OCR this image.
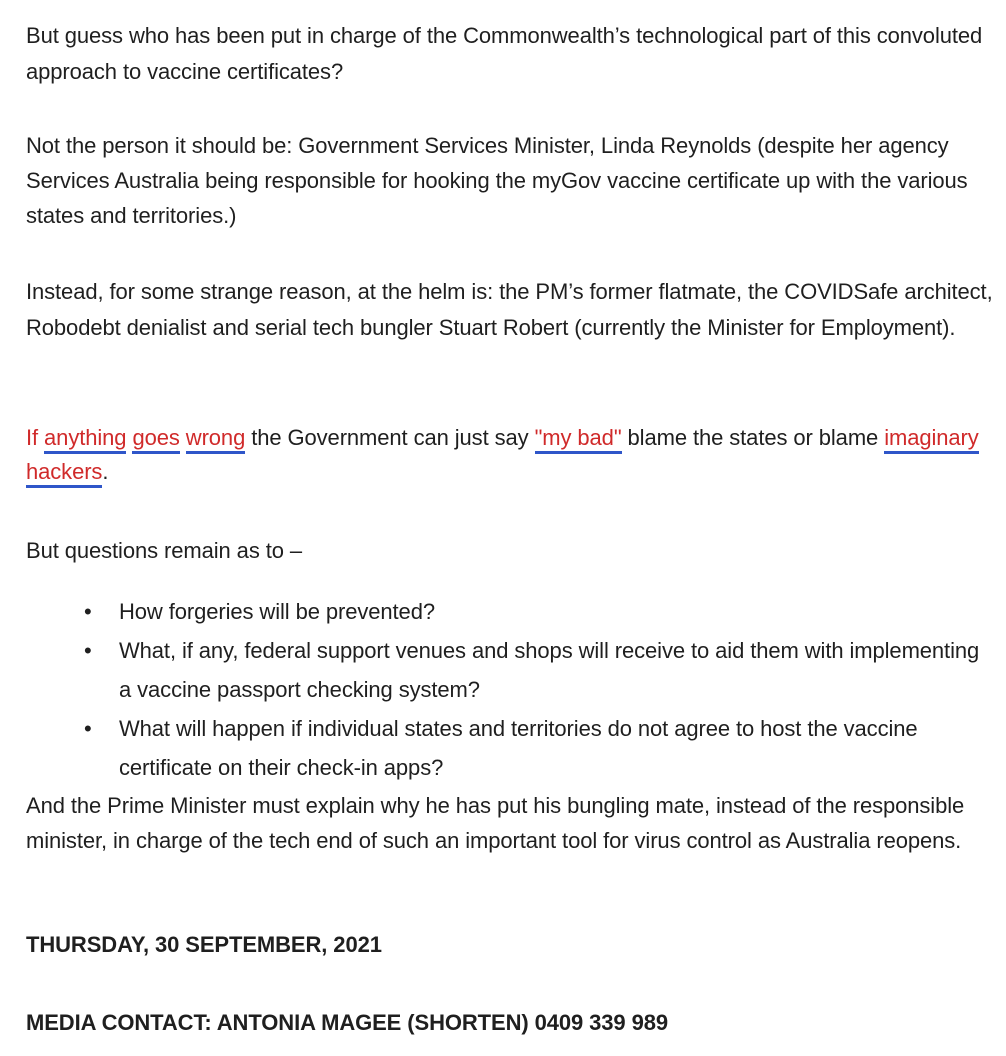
But guess who has been put in charge of the Commonwealth’s technological part of this convoluted approach to vaccine certificates?

Not the person it should be: Government Services Minister, Linda Reynolds (despite her agency Services Australia being responsible for hooking the myGov vaccine certificate up with the various states and territories.)

Instead, for some strange reason, at the helm is: the PM’s former flatmate, the COVIDSafe architect, Robodebt denialist and serial tech bungler Stuart Robert (currently the Minister for Employment).

If anything goes wrong the Government can just say "my bad" blame the states or blame imaginary hackers.

But questions remain as to –

• How forgeries will be prevented?
• What, if any, federal support venues and shops will receive to aid them with implementing a vaccine passport checking system?
• What will happen if individual states and territories do not agree to host the vaccine certificate on their check-in apps?

And the Prime Minister must explain why he has put his bungling mate, instead of the responsible minister, in charge of the tech end of such an important tool for virus control as Australia reopens.

THURSDAY, 30 SEPTEMBER, 2021

MEDIA CONTACT: ANTONIA MAGEE (SHORTEN) 0409 339 989
